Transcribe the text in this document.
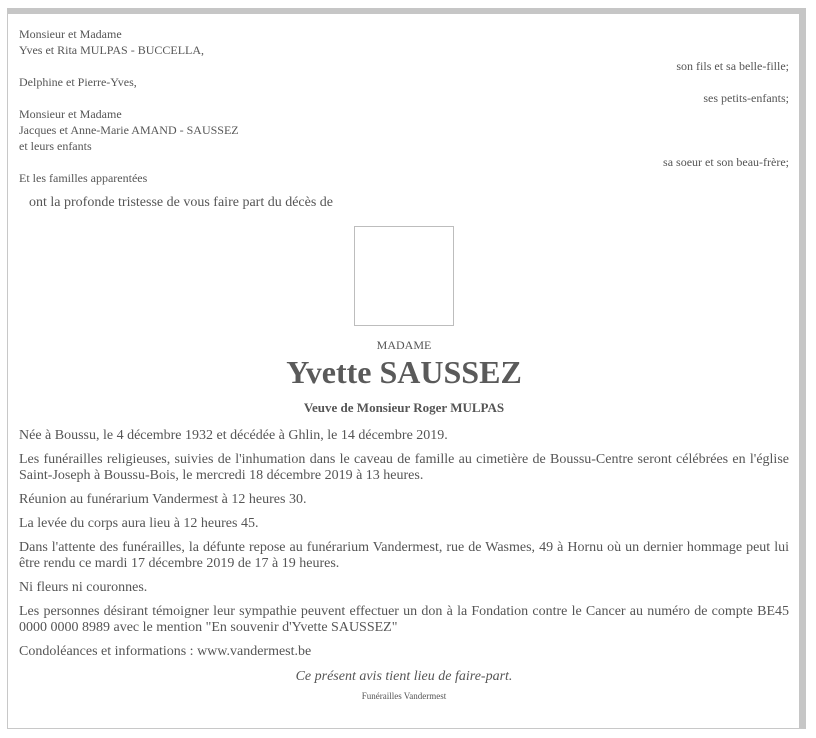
Monsieur et Madame
Yves et Rita MULPAS - BUCCELLA,
son fils et sa belle-fille;
Delphine et Pierre-Yves,
ses petits-enfants;
Monsieur et Madame
Jacques et Anne-Marie AMAND - SAUSSEZ
et leurs enfants
sa soeur et son beau-frère;
Et les familles apparentées
ont la profonde tristesse de vous faire part du décès de
MADAME
Yvette SAUSSEZ
Veuve de Monsieur Roger MULPAS

Née à Boussu, le 4 décembre 1932 et décédée à Ghlin, le 14 décembre 2019.

Les funérailles religieuses, suivies de l'inhumation dans le caveau de famille au cimetière de Boussu-Centre seront célébrées en l'église Saint-Joseph à Boussu-Bois, le mercredi 18 décembre 2019 à 13 heures.

Réunion au funérarium Vandermest à 12 heures 30.

La levée du corps aura lieu à 12 heures 45.

Dans l'attente des funérailles, la défunte repose au funérarium Vandermest, rue de Wasmes, 49 à Hornu où un dernier hommage peut lui être rendu ce mardi 17 décembre 2019 de 17 à 19 heures.

Ni fleurs ni couronnes.

Les personnes désirant témoigner leur sympathie peuvent effectuer un don à la Fondation contre le Cancer au numéro de compte BE45 0000 0000 8989 avec le mention "En souvenir d'Yvette SAUSSEZ"

Condoléances et informations : www.vandermest.be

Ce présent avis tient lieu de faire-part.
Funérailles Vandermest
